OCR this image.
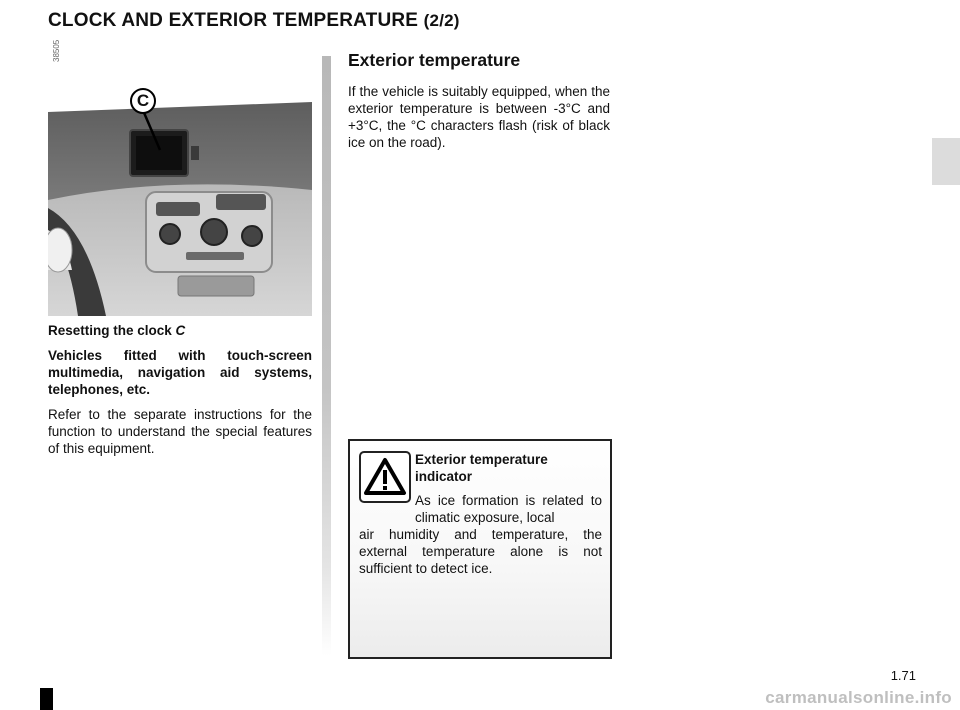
CLOCK AND EXTERIOR TEMPERATURE (2/2)
38505
C

Resetting the clock C

Vehicles fitted with touch-screen multimedia, navigation aid systems, telephones, etc.

Refer to the separate instructions for the function to understand the special features of this equipment.

Exterior temperature

If the vehicle is suitably equipped, when the exterior temperature is between -3°C and +3°C, the °C characters flash (risk of black ice on the road).

Exterior temperature indicator
As ice formation is related to climatic exposure, local
air humidity and temperature, the external temperature alone is not sufficient to detect ice.
1.71
carmanualsonline.info
